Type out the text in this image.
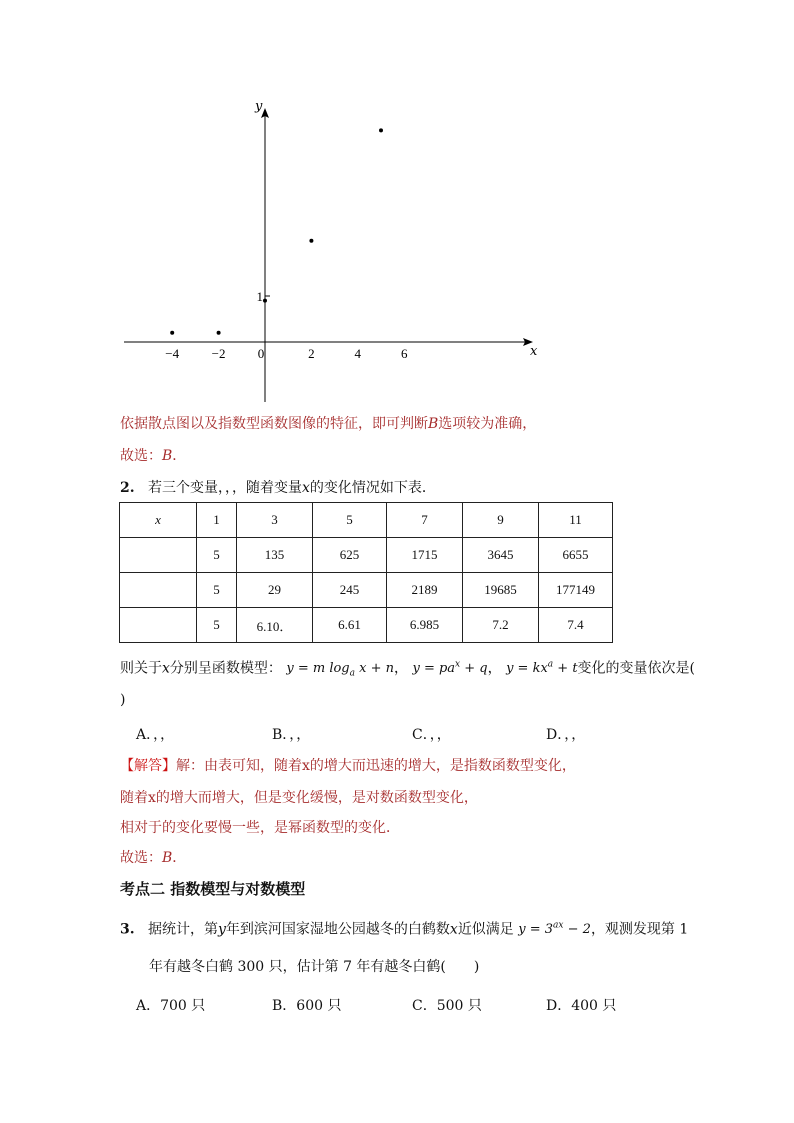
x
y
−4	−2 0	2	4	6
1
依据散点图以及指数型函数图像的特征，即可判断B选项较为准确，
故选：B．
2. 若三个变量，，，随着变量x的变化情况如下表．
x	1	3	5	7	9	11
	5	135	625	1715	3645	6655
	5	29	245	2189	19685	177149
	5	6.10．	6.61	6.985	7.2	7.4
则关于x分别呈函数模型： y = m $\log_a x + n$， $y = pa^x + q$， $y = kx^a + t$变化的变量依次是(
)
A．，，	B．，，	C．，，	D．，，
【解答】解：由表可知，随着x的增大而迅速的增大，是指数函数型变化，
随着x的增大而增大，但是变化缓慢，是对数函数型变化，
相对于的变化要慢一些，是幂函数型的变化．
故选：B．
考点二 指数模型与对数模型
3. 据统计，第y年到滨河国家湿地公园越冬的白鹤数x近似满足 $y = 3^{ax} - 2$，观测发现第 1
年有越冬白鹤 300 只，估计第 7 年有越冬白鹤(　　)
A．700 只	B．600 只	C．500 只	D．400 只
